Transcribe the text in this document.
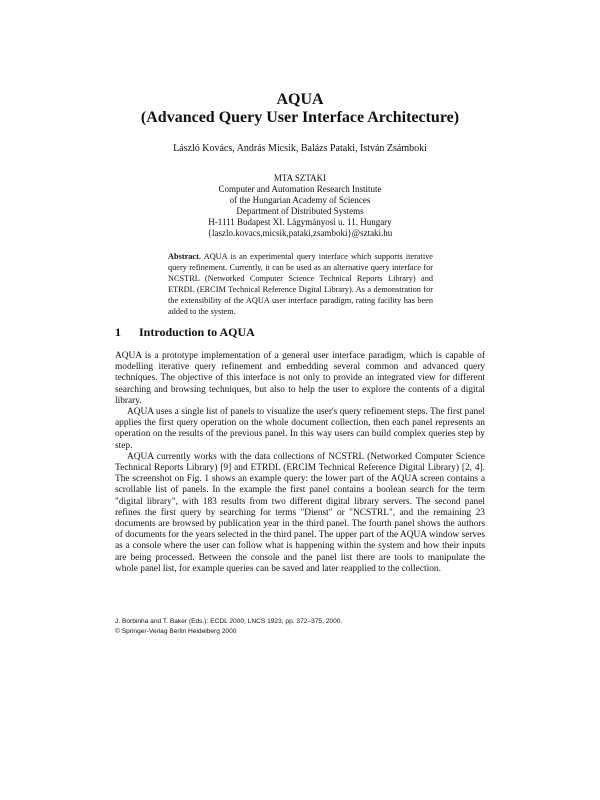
AQUA
(Advanced Query User Interface Architecture)

László Kovács, András Micsik, Balázs Pataki, István Zsámboki

MTA SZTAKI
Computer and Automation Research Institute
of the Hungarian Academy of Sciences
Department of Distributed Systems
H-1111 Budapest XI. Lágymányosi u. 11. Hungary
{laszlo.kovacs,micsik,pataki,zsamboki}@sztaki.hu

Abstract. AQUA is an experimental query interface which supports iterative query refinement. Currently, it can be used as an alternative query interface for NCSTRL (Networked Computer Science Technical Reports Library) and ETRDL (ERCIM Technical Reference Digital Library). As a demonstration for the extensibility of the AQUA user interface paradigm, rating facility has been added to the system.

1 Introduction to AQUA

AQUA is a prototype implementation of a general user interface paradigm, which is capable of modelling iterative query refinement and embedding several common and advanced query techniques. The objective of this interface is not only to provide an integrated view for different searching and browsing techniques, but also to help the user to explore the contents of a digital library.

AQUA uses a single list of panels to visualize the user's query refinement steps. The first panel applies the first query operation on the whole document collection, then each panel represents an operation on the results of the previous panel. In this way users can build complex queries step by step.

AQUA currently works with the data collections of NCSTRL (Networked Computer Science Technical Reports Library) [9] and ETRDL (ERCIM Technical Reference Digital Library) [2, 4]. The screenshot on Fig. 1 shows an example query: the lower part of the AQUA screen contains a scrollable list of panels. In the example the first panel contains a boolean search for the term "digital library", with 183 results from two different digital library servers. The second panel refines the first query by searching for terms "Dienst" or "NCSTRL", and the remaining 23 documents are browsed by publication year in the third panel. The fourth panel shows the authors of documents for the years selected in the third panel. The upper part of the AQUA window serves as a console where the user can follow what is happening within the system and how their inputs are being processed. Between the console and the panel list there are tools to manipulate the whole panel list, for example queries can be saved and later reapplied to the collection.

J. Borbinha and T. Baker (Eds.): ECDL 2000, LNCS 1923, pp. 372–375, 2000.
© Springer-Verlag Berlin Heidelberg 2000
